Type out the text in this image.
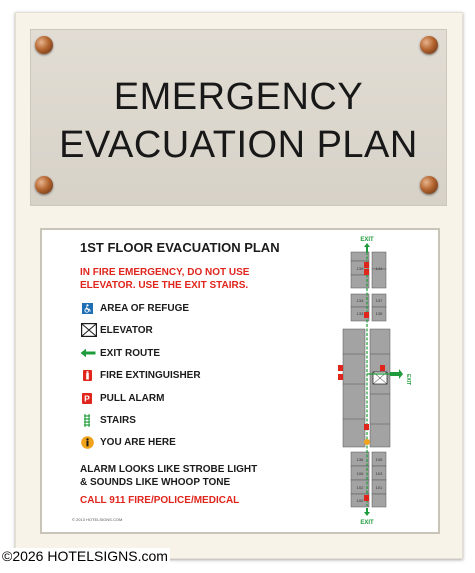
EMERGENCY
EVACUATION PLAN
1ST FLOOR EVACUATION PLAN
IN FIRE EMERGENCY, DO NOT USE
ELEVATOR. USE THE EXIT STAIRS.
AREA OF REFUGE
ELEVATOR
EXIT ROUTE
FIRE EXTINGUISHER
P PULL ALARM
STAIRS
YOU ARE HERE
ALARM LOOKS LIKE STROBE LIGHT
& SOUNDS LIKE WHOOP TONE
CALL 911 FIRE/POLICE/MEDICAL
© 2013 HOTELSIGNS.COM
EXIT
139	141
134	137
133	135
EXIT
136	105
106	103
102	101
100
EXIT
©2026 HOTELSIGNS.com
